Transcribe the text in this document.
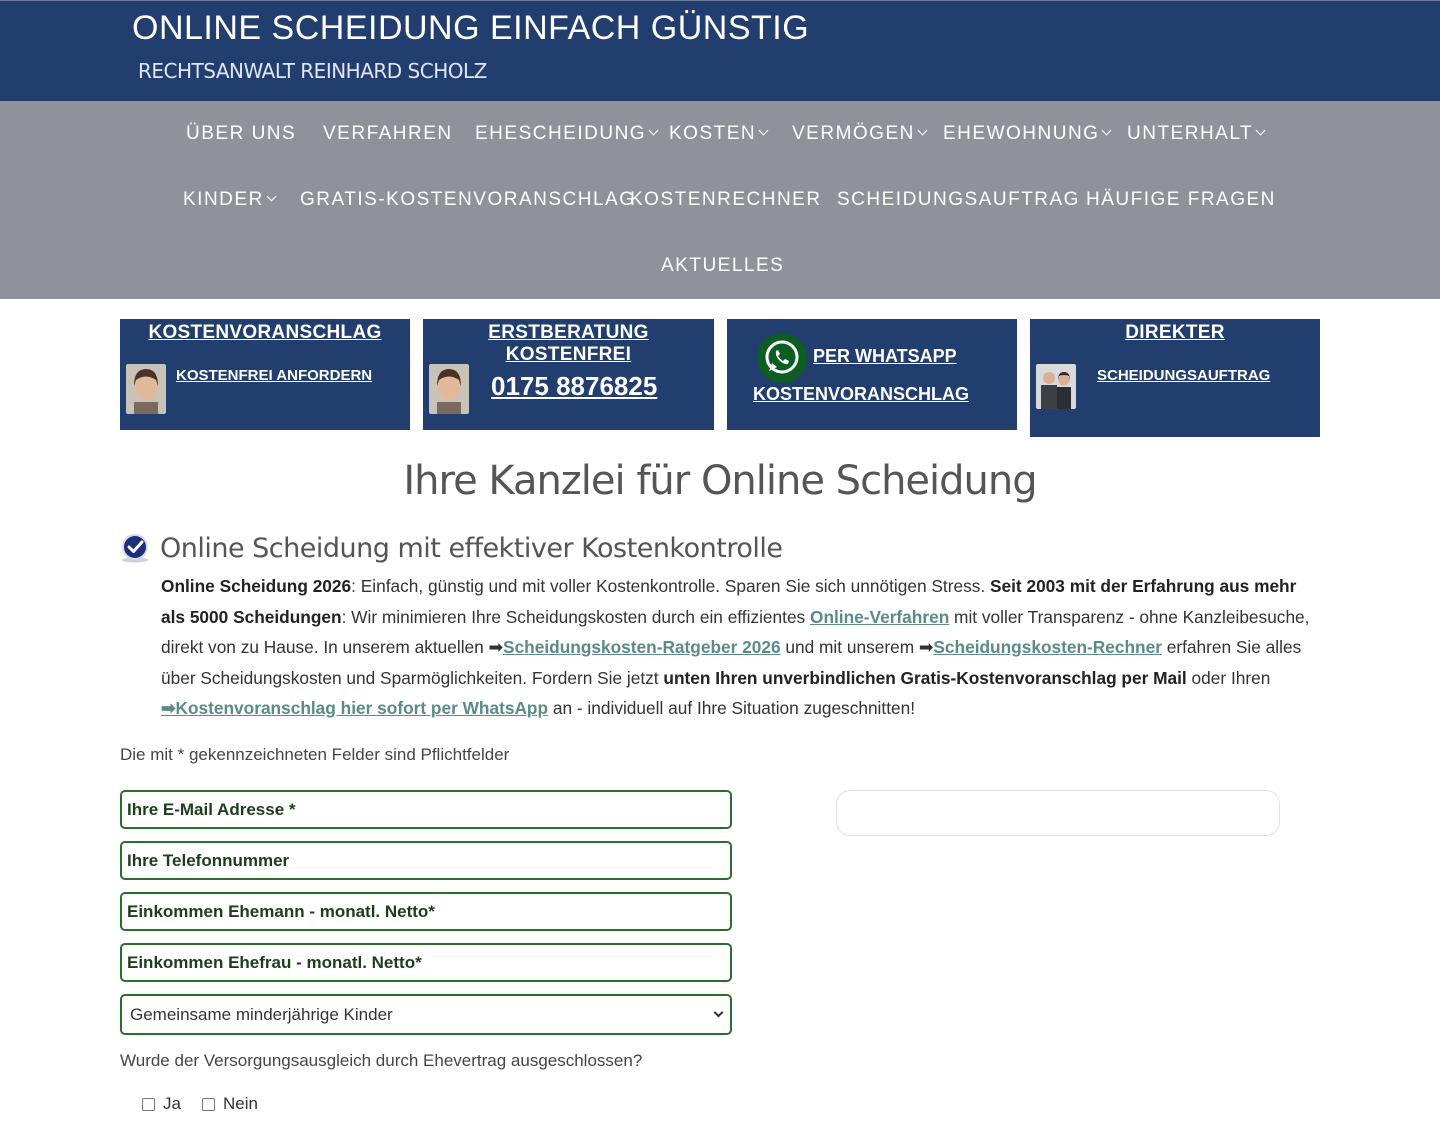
ONLINE SCHEIDUNG EINFACH GÜNSTIG
RECHTSANWALT REINHARD SCHOLZ
ÜBER UNS VERFAHREN EHESCHEIDUNG	KOSTEN	VERMÖGEN	EHEWOHNUNG	UNTERHALT
KINDER	GRATIS-KOSTENVORANSCHLAG
KOSTENRECHNER SCHEIDUNGSAUFTRAG HÄUFIGE FRAGEN
AKTUELLES
KOSTENVORANSCHLAG
KOSTENFREI ANFORDERN
ERSTBERATUNG KOSTENFREI
0175 8876825
PER WHATSAPP
KOSTENVORANSCHLAG
DIREKTER
SCHEIDUNGSAUFTRAG
Ihre Kanzlei für Online Scheidung
Online Scheidung mit effektiver Kostenkontrolle
Online Scheidung 2026: Einfach, günstig und mit voller Kostenkontrolle. Sparen Sie sich unnötigen Stress. Seit 2003 mit der Erfahrung aus mehr als 5000 Scheidungen: Wir minimieren Ihre Scheidungskosten durch ein effizientes Online-Verfahren mit voller Transparenz - ohne Kanzleibesuche, direkt von zu Hause. In unserem aktuellen ➡Scheidungskosten-Ratgeber 2026 und mit unserem ➡Scheidungskosten-Rechner erfahren Sie alles über Scheidungskosten und Sparmöglichkeiten. Fordern Sie jetzt unten Ihren unverbindlichen Gratis-Kostenvoranschlag per Mail oder Ihren ➡Kostenvoranschlag hier sofort per WhatsApp an - individuell auf Ihre Situation zugeschnitten!
Die mit * gekennzeichneten Felder sind Pflichtfelder
Ihre E-Mail Adresse *
Ihre Telefonnummer
Einkommen Ehemann - monatl. Netto*
Einkommen Ehefrau - monatl. Netto*
Gemeinsame minderjährige Kinder
Wurde der Versorgungsausgleich durch Ehevertrag ausgeschlossen?
Ja Nein
